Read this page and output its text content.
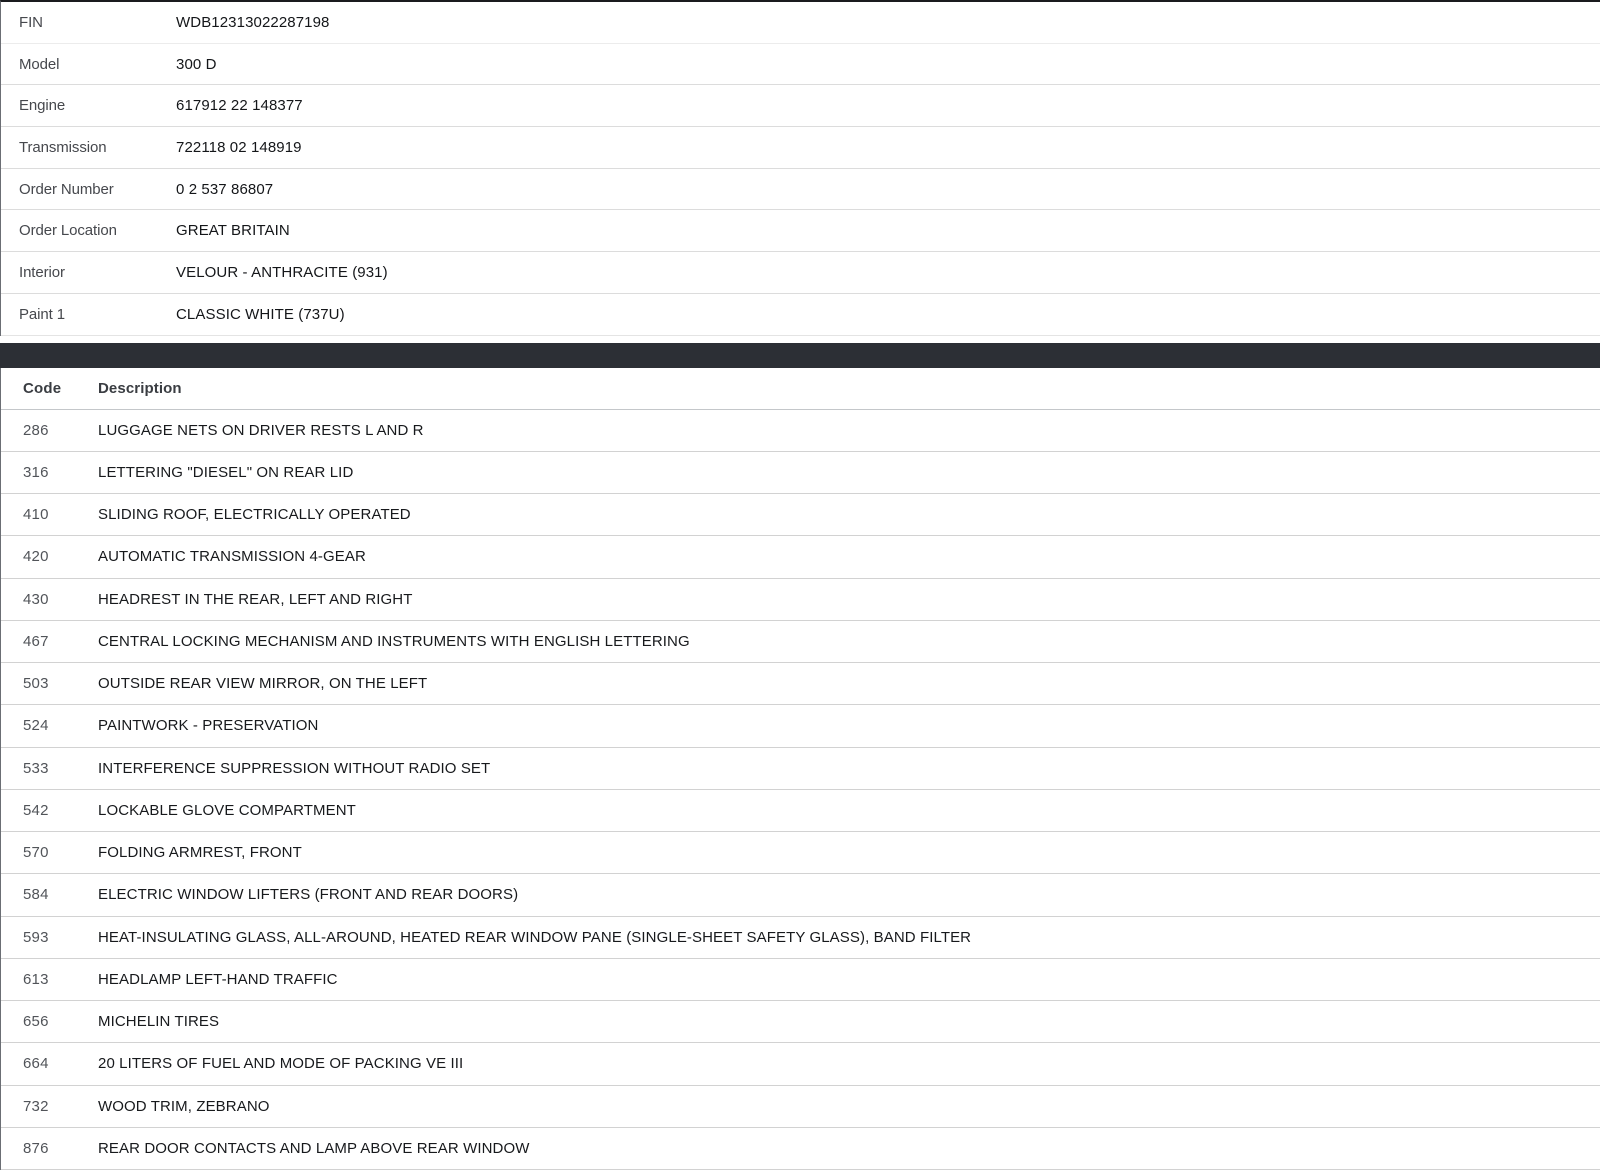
FIN	WDB12313022287198
Model	300 D
Engine	617912 22 148377
Transmission	722118 02 148919
Order Number	0 2 537 86807
Order Location	GREAT BRITAIN
Interior	VELOUR - ANTHRACITE (931)
Paint 1	CLASSIC WHITE (737U)
Code	Description
286	LUGGAGE NETS ON DRIVER RESTS L AND R
316	LETTERING "DIESEL" ON REAR LID
410	SLIDING ROOF, ELECTRICALLY OPERATED
420	AUTOMATIC TRANSMISSION 4-GEAR
430	HEADREST IN THE REAR, LEFT AND RIGHT
467	CENTRAL LOCKING MECHANISM AND INSTRUMENTS WITH ENGLISH LETTERING
503	OUTSIDE REAR VIEW MIRROR, ON THE LEFT
524	PAINTWORK - PRESERVATION
533	INTERFERENCE SUPPRESSION WITHOUT RADIO SET
542	LOCKABLE GLOVE COMPARTMENT
570	FOLDING ARMREST, FRONT
584	ELECTRIC WINDOW LIFTERS (FRONT AND REAR DOORS)
593	HEAT-INSULATING GLASS, ALL-AROUND, HEATED REAR WINDOW PANE (SINGLE-SHEET SAFETY GLASS), BAND FILTER
613	HEADLAMP LEFT-HAND TRAFFIC
656	MICHELIN TIRES
664	20 LITERS OF FUEL AND MODE OF PACKING VE III
732	WOOD TRIM, ZEBRANO
876	REAR DOOR CONTACTS AND LAMP ABOVE REAR WINDOW
